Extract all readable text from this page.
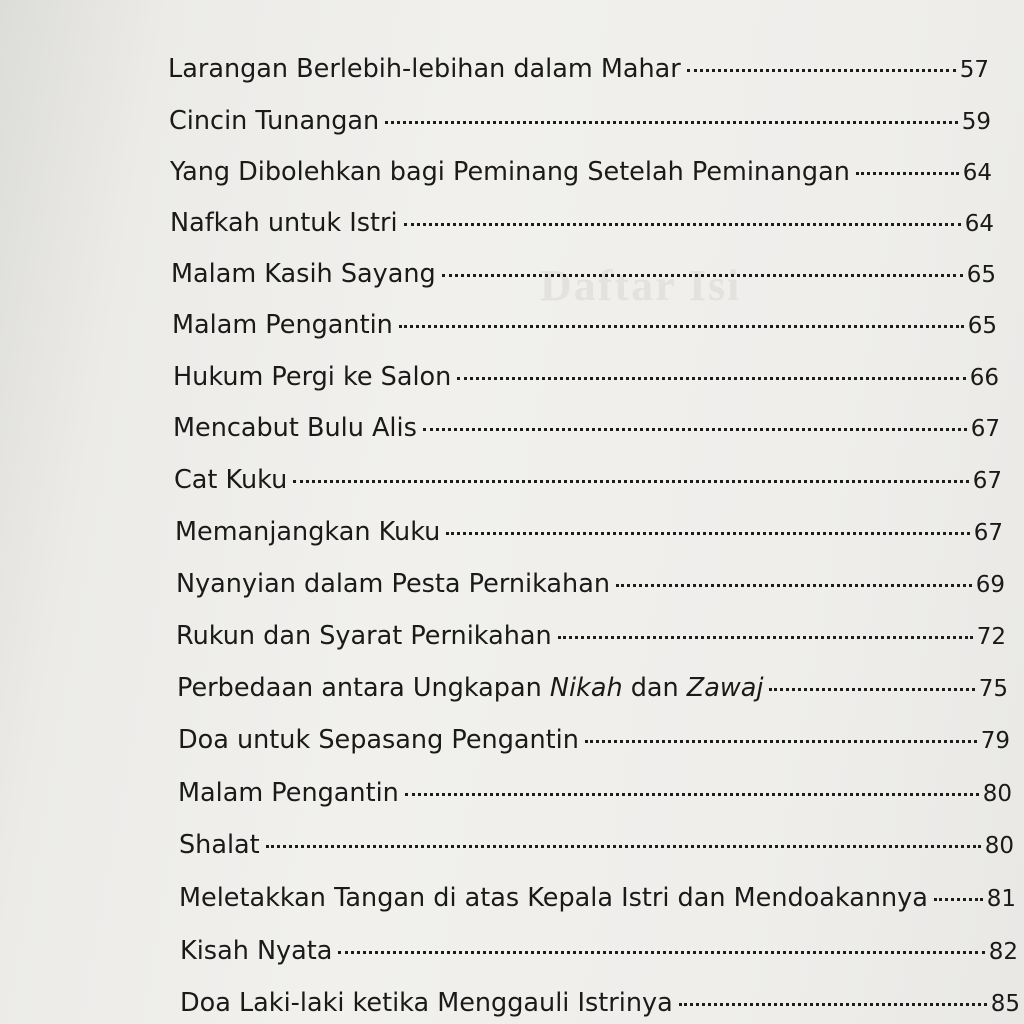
Daftar Isi
Larangan Berlebih-lebihan dalam Mahar	57
Cincin Tunangan	59
Yang Dibolehkan bagi Peminang Setelah Peminangan	64
Nafkah untuk Istri	64
Malam Kasih Sayang	65
Malam Pengantin	65
Hukum Pergi ke Salon	66
Mencabut Bulu Alis	67
Cat Kuku	67
Memanjangkan Kuku	67
Nyanyian dalam Pesta Pernikahan	69
Rukun dan Syarat Pernikahan	72
Perbedaan antara Ungkapan Nikah dan Zawaj	75
Doa untuk Sepasang Pengantin	79
Malam Pengantin	80
Shalat	80
Meletakkan Tangan di atas Kepala Istri dan Mendoakannya	81
Kisah Nyata	82
Doa Laki-laki ketika Menggauli Istrinya	85
